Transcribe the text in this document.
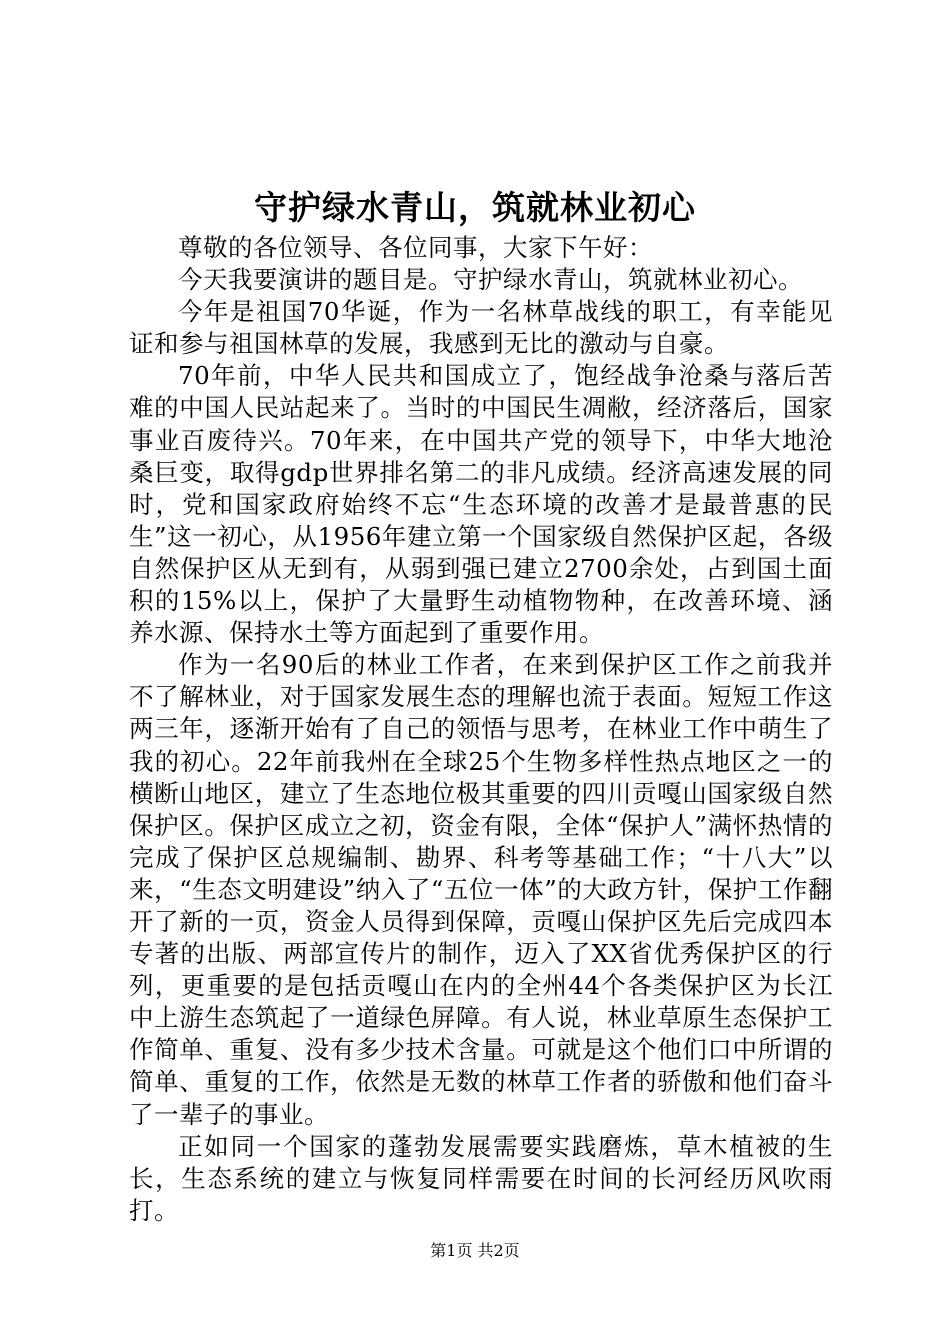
守护绿水青山，筑就林业初心

尊敬的各位领导、各位同事，大家下午好：

今天我要演讲的题目是。守护绿水青山，筑就林业初心。

今年是祖国70华诞，作为一名林草战线的职工，有幸能见证和参与祖国林草的发展，我感到无比的激动与自豪。

70年前，中华人民共和国成立了，饱经战争沧桑与落后苦难的中国人民站起来了。当时的中国民生凋敝，经济落后，国家事业百废待兴。70年来，在中国共产党的领导下，中华大地沧桑巨变，取得gdp世界排名第二的非凡成绩。经济高速发展的同时，党和国家政府始终不忘“生态环境的改善才是最普惠的民生”这一初心，从1956年建立第一个国家级自然保护区起，各级自然保护区从无到有，从弱到强已建立2700余处，占到国土面积的15%以上，保护了大量野生动植物物种，在改善环境、涵养水源、保持水土等方面起到了重要作用。

作为一名90后的林业工作者，在来到保护区工作之前我并不了解林业，对于国家发展生态的理解也流于表面。短短工作这两三年，逐渐开始有了自己的领悟与思考，在林业工作中萌生了我的初心。22年前我州在全球25个生物多样性热点地区之一的横断山地区，建立了生态地位极其重要的四川贡嘎山国家级自然保护区。保护区成立之初，资金有限，全体“保护人”满怀热情的完成了保护区总规编制、勘界、科考等基础工作；“十八大”以来，“生态文明建设”纳入了“五位一体”的大政方针，保护工作翻开了新的一页，资金人员得到保障，贡嘎山保护区先后完成四本专著的出版、两部宣传片的制作，迈入了XX省优秀保护区的行列，更重要的是包括贡嘎山在内的全州44个各类保护区为长江中上游生态筑起了一道绿色屏障。有人说，林业草原生态保护工作简单、重复、没有多少技术含量。可就是这个他们口中所谓的简单、重复的工作，依然是无数的林草工作者的骄傲和他们奋斗了一辈子的事业。

正如同一个国家的蓬勃发展需要实践磨炼，草木植被的生长，生态系统的建立与恢复同样需要在时间的长河经历风吹雨打。

第1页 共2页
